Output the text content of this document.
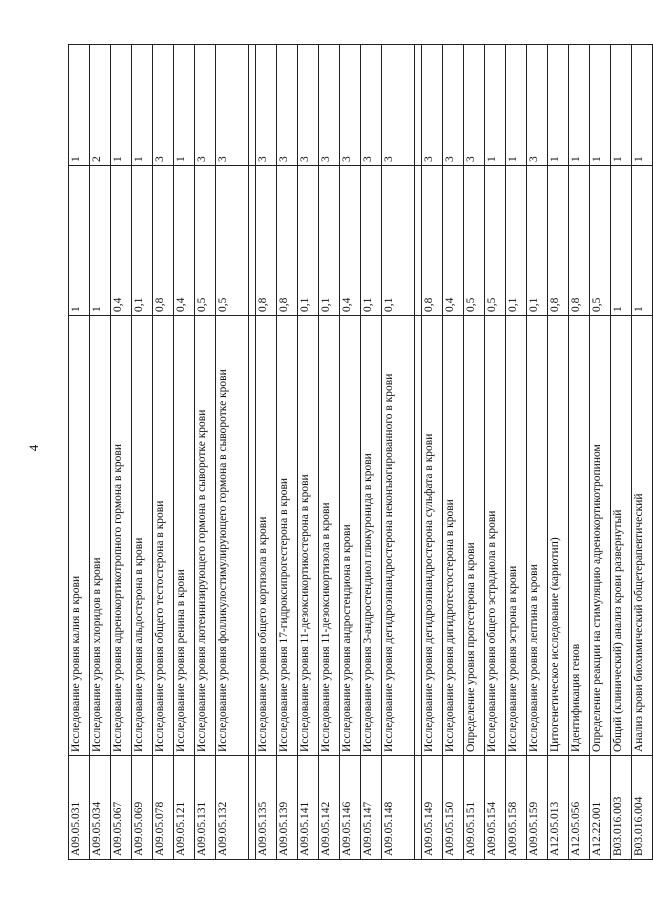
4
A09.05.031	Исследование уровня калия в крови	1	1
A09.05.034	Исследование уровня хлоридов в крови	1	2
A09.05.067	Исследование уровня адренокортикотропного гормона в крови	0,4	1
A09.05.069	Исследование уровня альдостерона в крови	0,1	1
A09.05.078	Исследование уровня общего тестостерона в крови	0,8	3
A09.05.121	Исследование уровня ренина в крови	0,4	1
A09.05.131	Исследование уровня лютеинизирующего гормона в сыворотке крови	0,5	3
A09.05.132	Исследование уровня фолликулостимулирующего гормона в сыворотке крови	0,5	3

A09.05.135	Исследование уровня общего кортизола в крови	0,8	3
A09.05.139	Исследование уровня 17-гидроксипрогестерона в крови	0,8	3
A09.05.141	Исследование уровня 11-дезоксикортикостерона в крови	0,1	3
A09.05.142	Исследование уровня 11-дезоксикортизола в крови	0,1	3
A09.05.146	Исследование уровня андростендиона в крови	0,4	3
A09.05.147	Исследование уровня 3-андростендиол глюкуронида в крови	0,1	3
A09.05.148	Исследование уровня дегидроэпиандростерона неконъюгированного в крови	0,1	3

A09.05.149	Исследование уровня дегидроэпиандростерона сульфата в крови	0,8	3
A09.05.150	Исследование уровня дигидротестостерона в крови	0,4	3
A09.05.151	Определение уровня прогестерона в крови	0,5	3
A09.05.154	Исследование уровня общего эстрадиола в крови	0,5	1
A09.05.158	Исследование уровня эстрона в крови	0,1	1
A09.05.159	Исследование уровня лептина в крови	0,1	3
A12.05.013	Цитогенетическое исследование (кариотип)	0,8	1
A12.05.056	Идентификация генов	0,8	1
A12.22.001	Определение реакции на стимуляцию адренокортикотропином	0,5	1
B03.016.003	Общий (клинический) анализ крови развернутый	1	1
B03.016.004	Анализ крови биохимический общетерапевтический	1	1
